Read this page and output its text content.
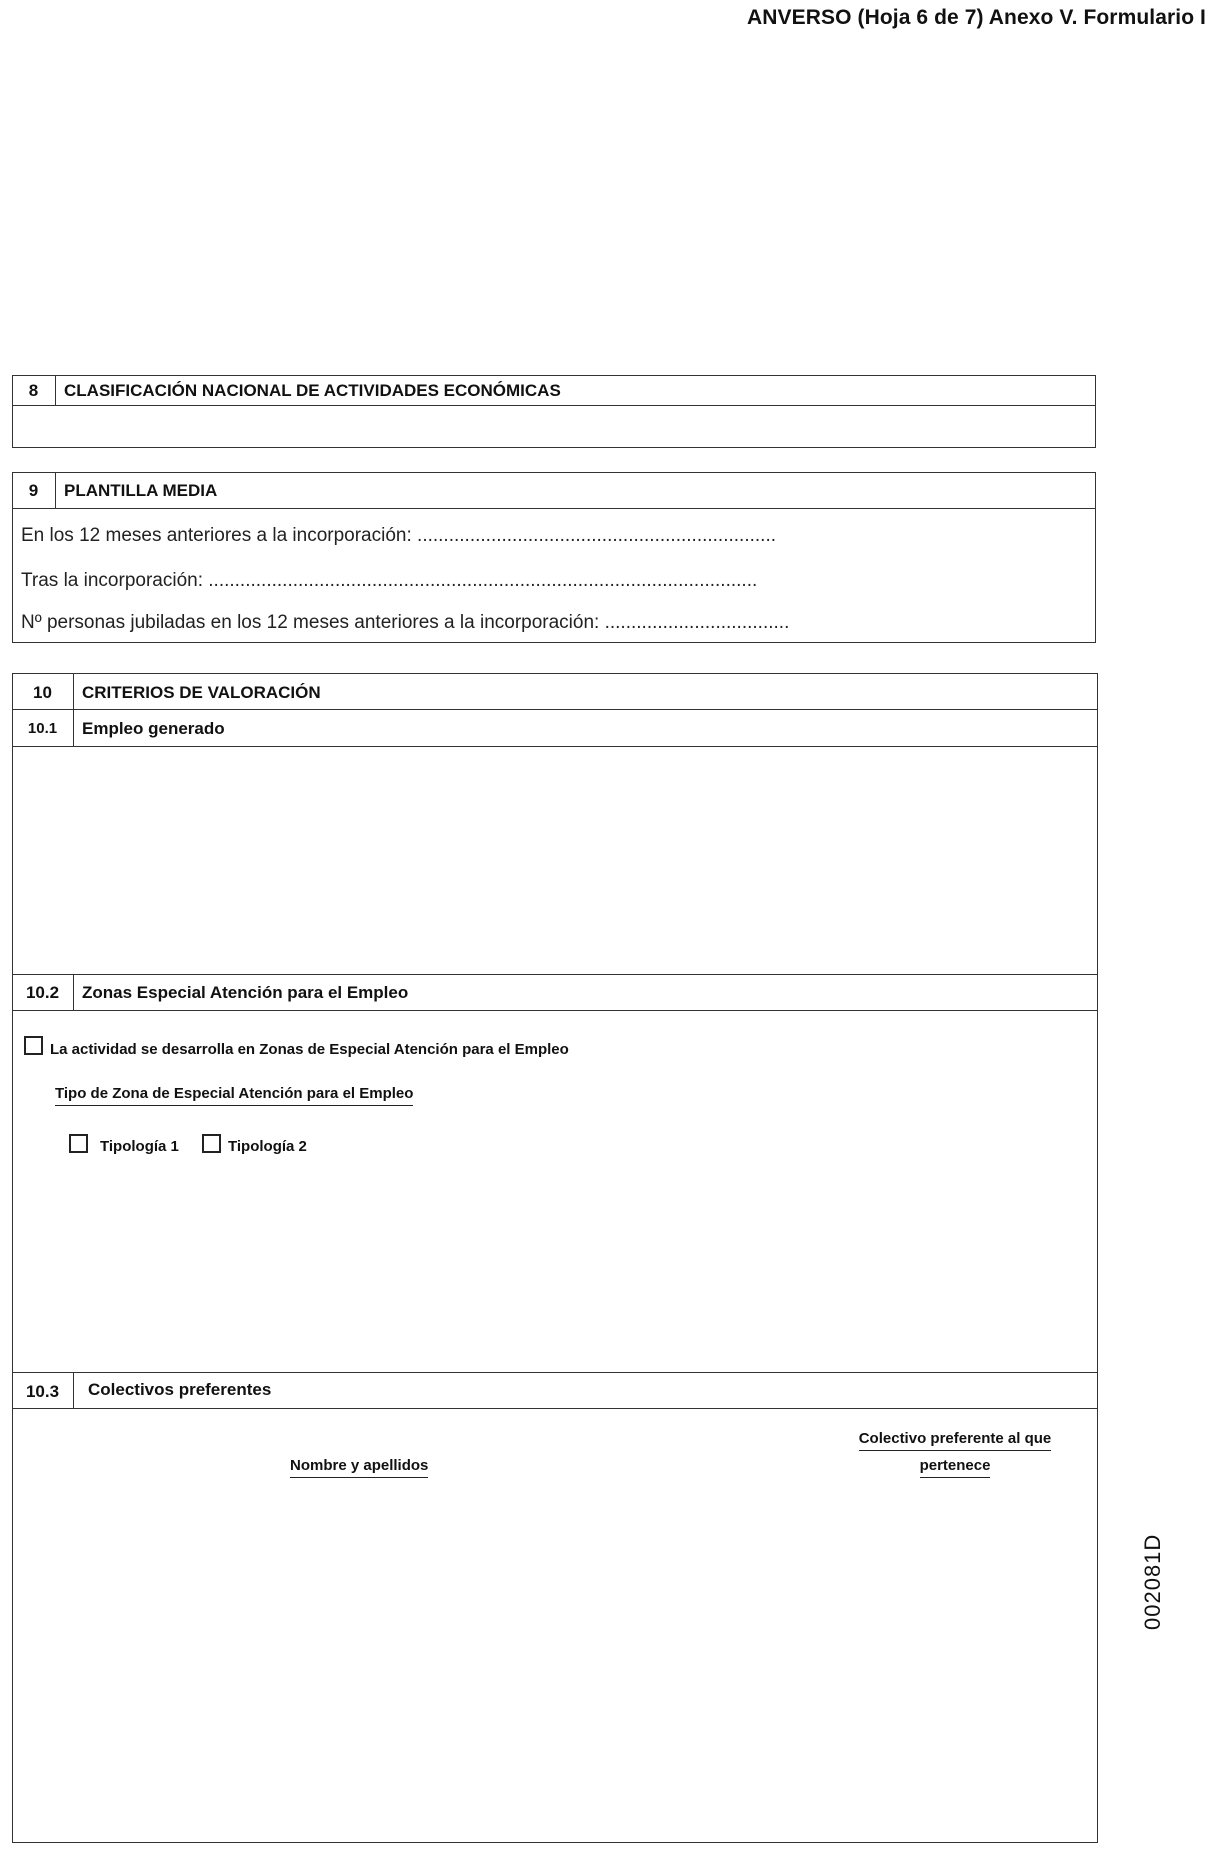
ANVERSO (Hoja 6 de 7) Anexo V. Formulario I
8	CLASIFICACIÓN NACIONAL DE ACTIVIDADES ECONÓMICAS
9	PLANTILLA MEDIA
En los 12 meses anteriores a la incorporación: ....................................................................
Tras la incorporación: ........................................................................................................
Nº personas jubiladas en los 12 meses anteriores a la incorporación: ...................................
10	CRITERIOS DE VALORACIÓN
10.1	Empleo generado
10.2	Zonas Especial Atención para el Empleo
La actividad se desarrolla en Zonas de Especial Atención para el Empleo
Tipo de Zona de Especial Atención para el Empleo
Tipología 1	Tipología 2
10.3	Colectivos preferentes
Nombre y apellidos
Colectivo preferente al que
pertenece
002081D
